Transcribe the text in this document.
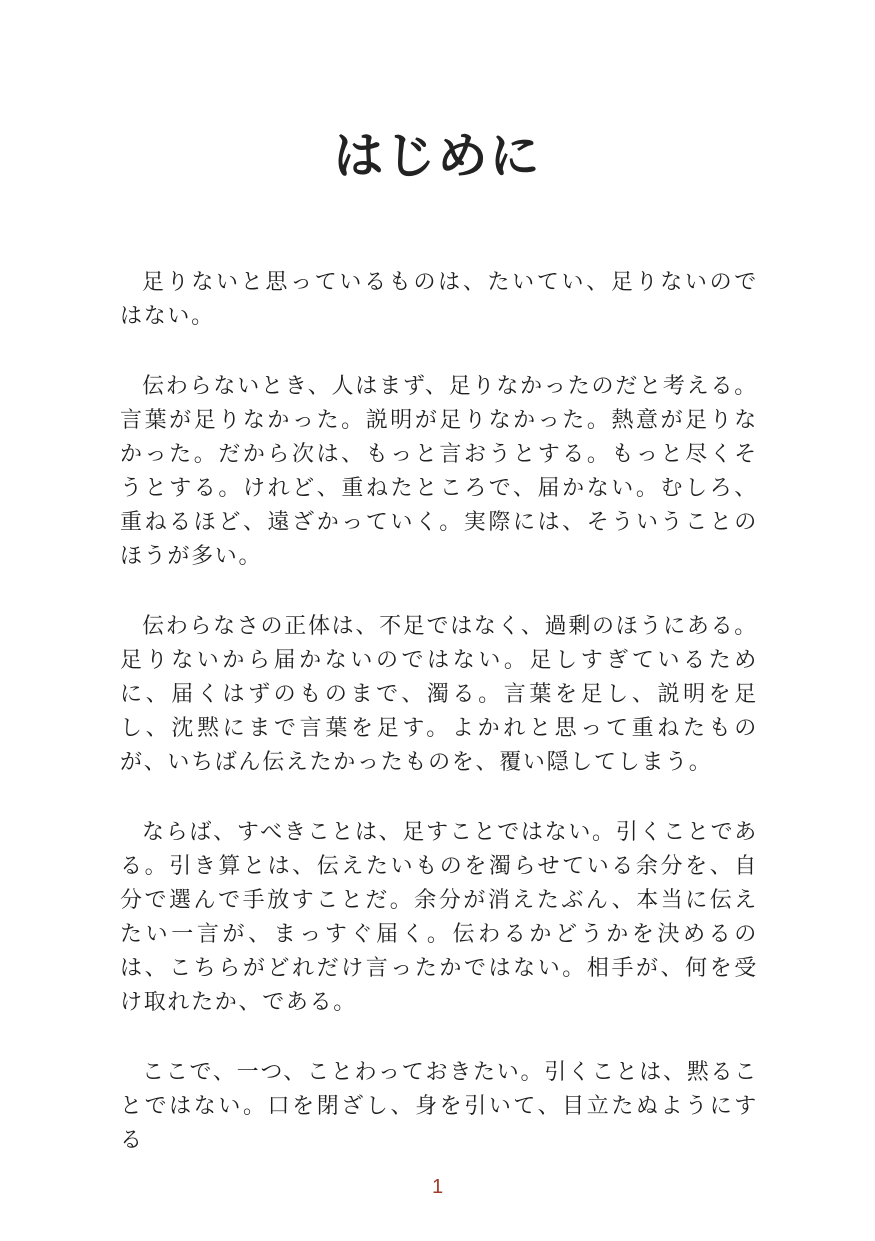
はじめに

足りないと思っているものは、たいてい、足りないのではない。

伝わらないとき、人はまず、足りなかったのだと考える。言葉が足りなかった。説明が足りなかった。熱意が足りなかった。だから次は、もっと言おうとする。もっと尽くそうとする。けれど、重ねたところで、届かない。むしろ、重ねるほど、遠ざかっていく。実際には、そういうことのほうが多い。

伝わらなさの正体は、不足ではなく、過剰のほうにある。足りないから届かないのではない。足しすぎているために、届くはずのものまで、濁る。言葉を足し、説明を足し、沈黙にまで言葉を足す。よかれと思って重ねたものが、いちばん伝えたかったものを、覆い隠してしまう。

ならば、すべきことは、足すことではない。引くことである。引き算とは、伝えたいものを濁らせている余分を、自分で選んで手放すことだ。余分が消えたぶん、本当に伝えたい一言が、まっすぐ届く。伝わるかどうかを決めるのは、こちらがどれだけ言ったかではない。相手が、何を受け取れたか、である。

ここで、一つ、ことわっておきたい。引くことは、黙ることではない。口を閉ざし、身を引いて、目立たぬようにする

1
